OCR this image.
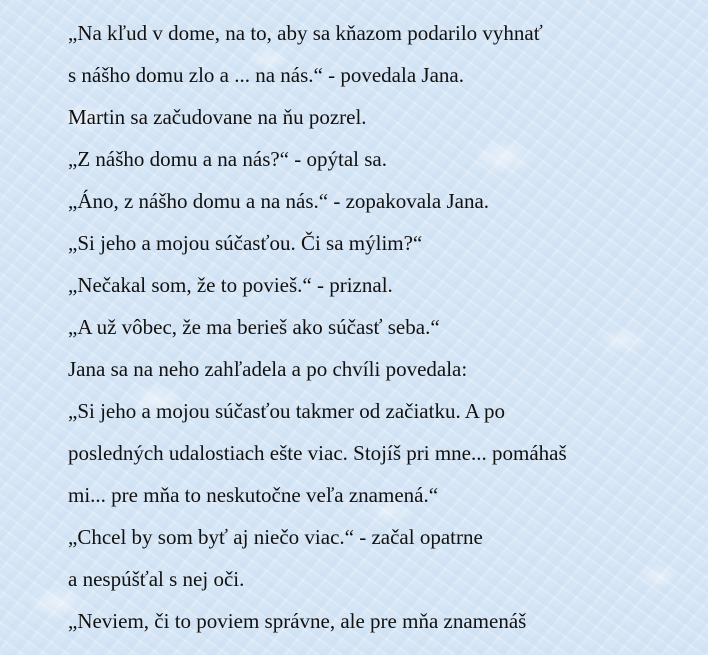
„Na kľud v dome, na to, aby sa kňazom podarilo vyhnať

s nášho domu zlo a ... na nás.“ - povedala Jana.

Martin sa začudovane na ňu pozrel.

„Z nášho domu a na nás?“ - opýtal sa.

„Áno, z nášho domu a na nás.“ - zopakovala Jana.

„Si jeho a mojou súčasťou. Či sa mýlim?“

„Nečakal som, že to povieš.“ - priznal.

„A už vôbec, že ma berieš ako súčasť seba.“

Jana sa na neho zahľadela a po chvíli povedala:

„Si jeho a mojou súčasťou takmer od začiatku. A po

posledných udalostiach ešte viac. Stojíš pri mne... pomáhaš

mi... pre mňa to neskutočne veľa znamená.“

„Chcel by som byť aj niečo viac.“ - začal opatrne

a nespúšťal s nej oči.

„Neviem, či to poviem správne, ale pre mňa znamenáš
